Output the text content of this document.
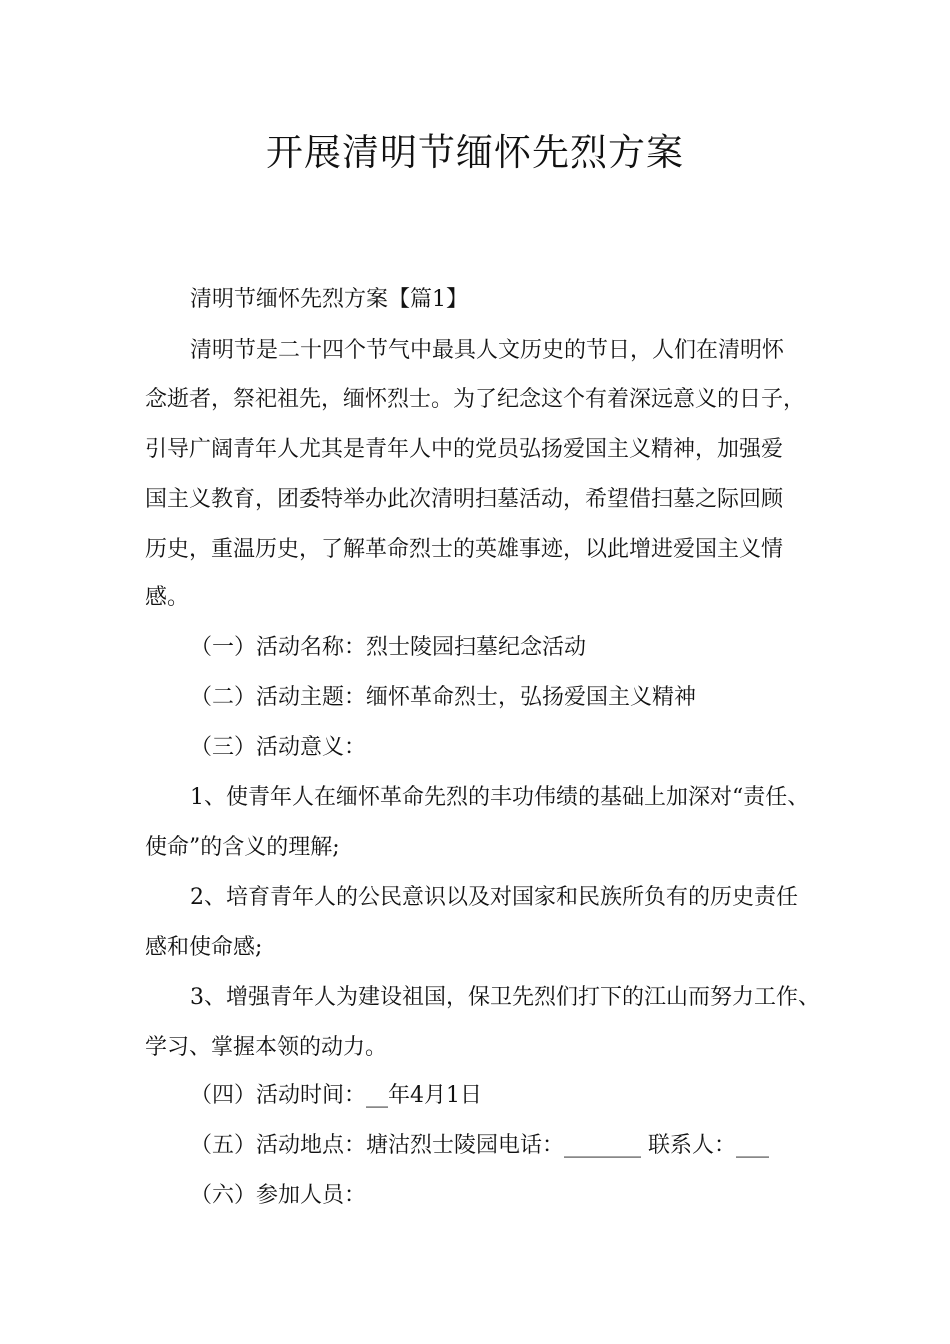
开展清明节缅怀先烈方案
清明节缅怀先烈方案【篇1】
清明节是二十四个节气中最具人文历史的节日，人们在清明怀
念逝者，祭祀祖先，缅怀烈士。为了纪念这个有着深远意义的日子，
引导广阔青年人尤其是青年人中的党员弘扬爱国主义精神，加强爱
国主义教育，团委特举办此次清明扫墓活动，希望借扫墓之际回顾
历史，重温历史，了解革命烈士的英雄事迹，以此增进爱国主义情
感。
（一）活动名称：烈士陵园扫墓纪念活动
（二）活动主题：缅怀革命烈士，弘扬爱国主义精神
（三）活动意义：
1、使青年人在缅怀革命先烈的丰功伟绩的基础上加深对“责任、
使命”的含义的理解;
2、培育青年人的公民意识以及对国家和民族所负有的历史责任
感和使命感;
3、增强青年人为建设祖国，保卫先烈们打下的江山而努力工作、
学习、掌握本领的动力。
（四）活动时间：__年4月1日
（五）活动地点：塘沽烈士陵园电话：_______ 联系人：___
（六）参加人员：
